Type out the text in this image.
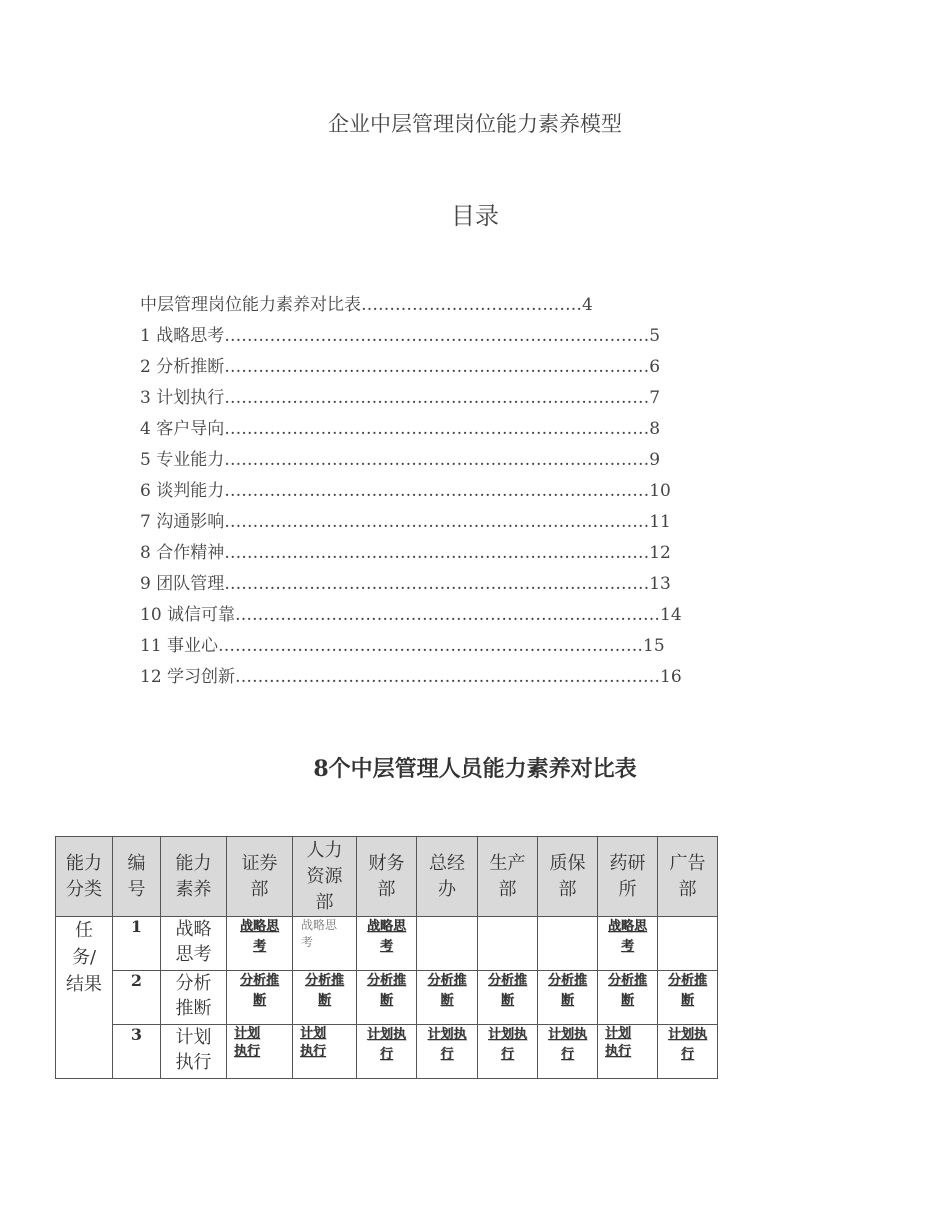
企业中层管理岗位能力素养模型
目录
中层管理岗位能力素养对比表 ………………………………… 4
1 战略思考 ………………………………………………………………… 5
2 分析推断 ………………………………………………………………… 6
3 计划执行 ………………………………………………………………… 7
4 客户导向 ………………………………………………………………… 8
5 专业能力 ………………………………………………………………… 9
6 谈判能力 ………………………………………………………………… 10
7 沟通影响 ………………………………………………………………… 11
8 合作精神 ………………………………………………………………… 12
9 团队管理 ………………………………………………………………… 13
10 诚信可靠 ………………………………………………………………… 14
11 事业心 ………………………………………………………………… 15
12 学习创新 ………………………………………………………………… 16
8个中层管理人员能力素养对比表
能力分类	编号	能力素养	证券部	人力资源部	财务部	总经办	生产部	质保部	药研所	广告部
任务/结果	1	战略思考	战略思考	战略思考	战略思考				战略思考	
	2	分析推断	分析推断	分析推断	分析推断	分析推断	分析推断	分析推断	分析推断	分析推断
	3	计划执行	计划执行	计划执行	计划执行	计划执行	计划执行	计划执行	计划执行	计划执行
